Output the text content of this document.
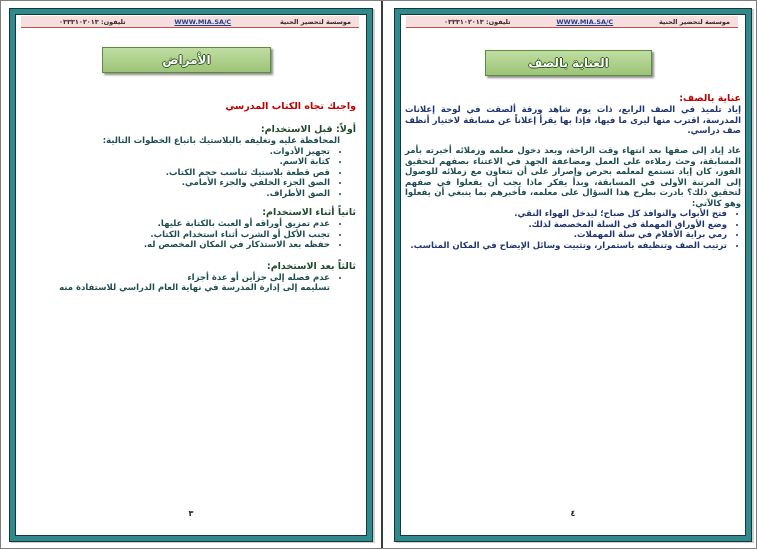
موسسة لتحضير الحنية
WWW.MIA.SA/C
تليفون: ٠٣٣٣١٠٢٠١٣
الأمراض

واجبك تجاه الكتاب المدرسي

أولاً: قبل الاستخدام:

المحافظة عليه وتغليفه بالبلاستيك باتباع الخطوات التالية:

• تجهيز الأدوات.
• كتابة الاسم.
• قص قطعة بلاستيك تناسب حجم الكتاب.
• الصق الجزء الخلفي والجزء الأمامي.
• الصق الأطراف.

ثانياً أثناء الاستخدام:

• عدم تمزيق أوراقه أو العبث بالكتابة عليها.
• تجنب الأكل أو الشرب أثناء استخدام الكتاب.
• حفظه بعد الاستذكار في المكان المخصص له.

ثالثاً بعد الاستخدام:

• عدم فصله إلى جزأين أو عدة أجزاء
تسليمه إلى إدارة المدرسة في نهاية العام الدراسي للاستفادة منه
٣
موسسة لتحضير الحنية
WWW.MIA.SA/C
تليفون: ٠٣٣٣١٠٢٠١٣
العناية بالصف

عناية بالصف:

إياد تلميذ في الصف الرابع، ذات يوم شاهد ورقة ألصقت في لوحة إعلانات المدرسة، اقترب منها ليرى ما فيها، فإذا بها يقرأ إعلاناً عن مسابقة لاختيار أنظف صف دراسي.

عاد إياد إلى صفها بعد انتهاء وقت الراحة، وبعد دخول معلمه وزملائه أخبرته بأمر المسابقة، وحث زملاءه على العمل ومضاعفة الجهد في الاعتناء بصفهم لتحقيق الفوز، كان إياد تستمع لمعلمه بحرص وإصرار على أن تتعاون مع زملائه للوصول إلى المرتبة الأولى في المسابقة، وبدأ يفكر ماذا يجب أن يفعلوا في صفهم لتحقيق ذلك؟ بادرت بطرح هذا السؤال على معلمه، فأخبرهم بما ينبغي أن يفعلوا وهو كالآتي:

• فتح الأبواب والنوافذ كل صباح؛ ليدخل الهواء النقي.
• وضع الأوراق المهملة في السلة المخصصة لذلك.
• رمي براية الأقلام في سلة المهملات.
• ترتيب الصف وتنظيفه باستمرار، وتثبيت وسائل الإيضاح في المكان المناسب.
٤
